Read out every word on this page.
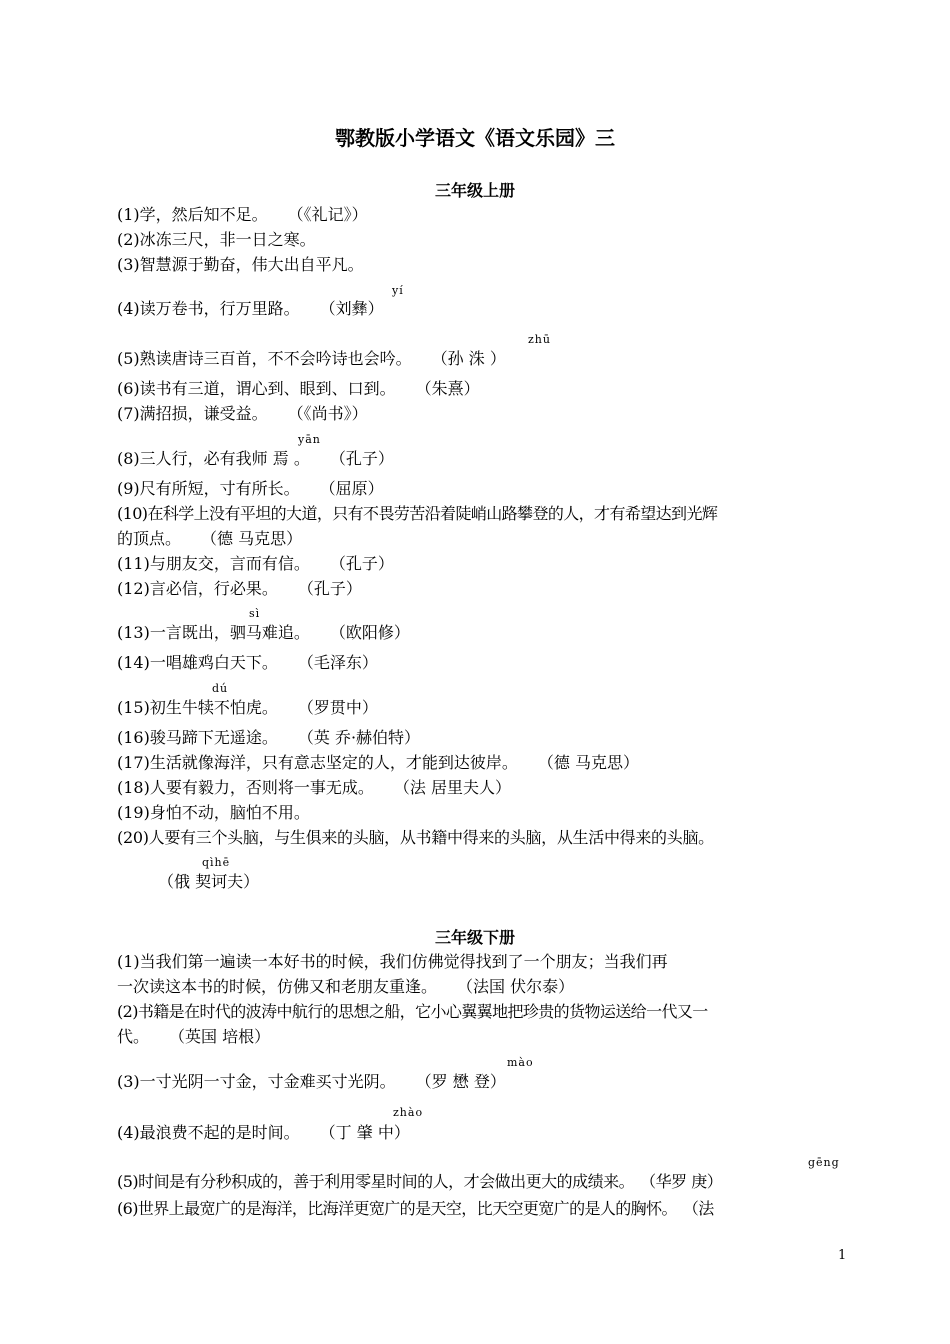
鄂教版小学语文《语文乐园》三
三年级上册

(1)学，然后知不足。 （《礼记》）

(2)冰冻三尺，非一日之寒。

(3)智慧源于勤奋，伟大出自平凡。

yí

(4)读万卷书，行万里路。 （刘彝）

zhū

(5)熟读唐诗三百首，不不会吟诗也会吟。 （孙 洙 ）

(6)读书有三道，谓心到、眼到、口到。 （朱熹）

(7)满招损，谦受益。 （《尚书》）

yān

(8)三人行，必有我师 焉 。 （孔子）

(9)尺有所短，寸有所长。 （屈原）

(10)在科学上没有平坦的大道，只有不畏劳苦沿着陡峭山路攀登的人，才有希望达到光辉

的顶点。 （德 马克思）

(11)与朋友交，言而有信。 （孔子）

(12)言必信，行必果。 （孔子）

sì

(13)一言既出，驷马难追。 （欧阳修）

(14)一唱雄鸡白天下。 （毛泽东）

dú

(15)初生牛犊不怕虎。 （罗贯中）

(16)骏马蹄下无遥途。 （英 乔·赫伯特）

(17)生活就像海洋，只有意志坚定的人，才能到达彼岸。 （德 马克思）

(18)人要有毅力，否则将一事无成。 （法 居里夫人）

(19)身怕不动，脑怕不用。

(20)人要有三个头脑，与生俱来的头脑，从书籍中得来的头脑，从生活中得来的头脑。

qìhē

（俄 契诃夫）

三年级下册

(1)当我们第一遍读一本好书的时候，我们仿佛觉得找到了一个朋友；当我们再

一次读这本书的时候，仿佛又和老朋友重逢。 （法国 伏尔泰）

(2)书籍是在时代的波涛中航行的思想之船，它小心翼翼地把珍贵的货物运送给一代又一

代。 （英国 培根）

mào

(3)一寸光阴一寸金，寸金难买寸光阴。 （罗 懋 登）

zhào

(4)最浪费不起的是时间。 （丁 肇 中）

gēng

(5)时间是有分秒积成的，善于利用零星时间的人，才会做出更大的成绩来。 （华罗 庚）

(6)世界上最宽广的是海洋，比海洋更宽广的是天空，比天空更宽广的是人的胸怀。 （法

1
